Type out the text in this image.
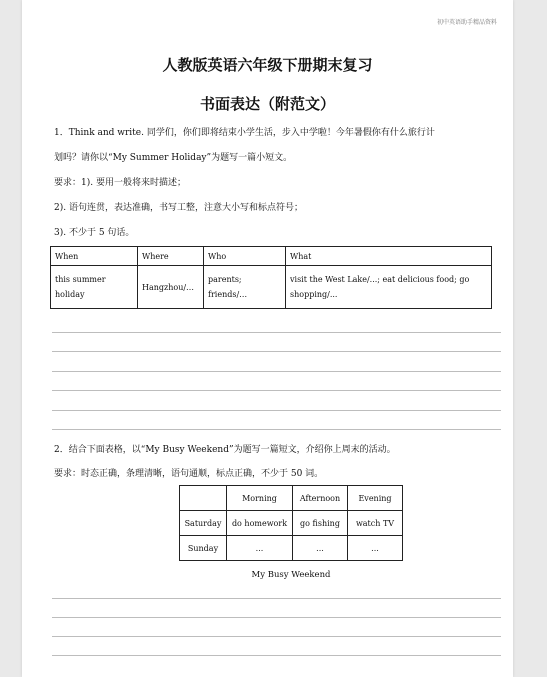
初中英语助手精品资料
人教版英语六年级下册期末复习
书面表达（附范文）
1．Think and write. 同学们，你们即将结束小学生活，步入中学啦！今年暑假你有什么旅行计
划吗？请你以“My Summer Holiday”为题写一篇小短文。
要求：1). 要用一般将来时描述；
2). 语句连贯，表达准确，书写工整，注意大小写和标点符号；
3). 不少于 5 句话。
When	Where	Who	What
this summer holiday	Hangzhou/…	parents; friends/…	visit the West Lake/...; eat delicious food; go shopping/...
2．结合下面表格，以“My Busy Weekend”为题写一篇短文，介绍你上周末的活动。
要求：时态正确，条理清晰，语句通顺，标点正确，不少于 50 词。
	Morning	Afternoon	Evening
Saturday	do homework	go fishing	watch TV
Sunday	...	...	...
My Busy Weekend
